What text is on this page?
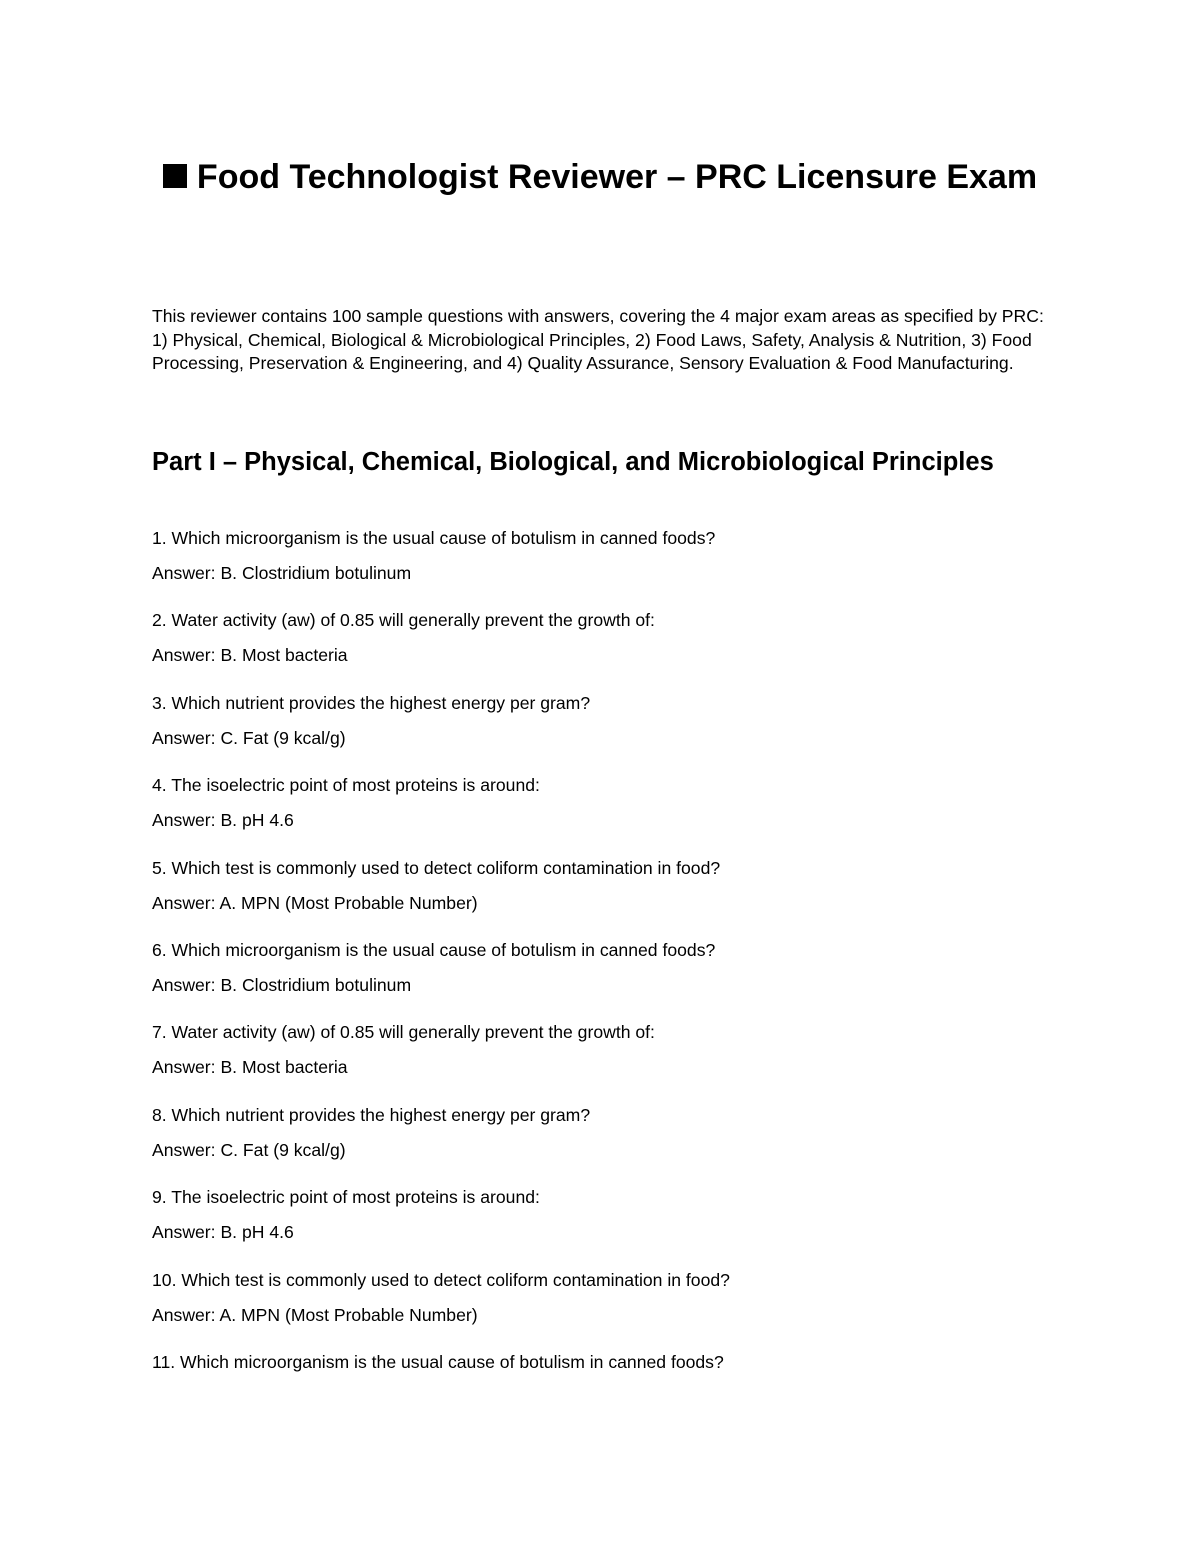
Food Technologist Reviewer – PRC Licensure Exam

This reviewer contains 100 sample questions with answers, covering the 4 major exam areas as specified by PRC: 1) Physical, Chemical, Biological & Microbiological Principles, 2) Food Laws, Safety, Analysis & Nutrition, 3) Food Processing, Preservation & Engineering, and 4) Quality Assurance, Sensory Evaluation & Food Manufacturing.

Part I – Physical, Chemical, Biological, and Microbiological Principles

1. Which microorganism is the usual cause of botulism in canned foods?

Answer: B. Clostridium botulinum

2. Water activity (aw) of 0.85 will generally prevent the growth of:

Answer: B. Most bacteria

3. Which nutrient provides the highest energy per gram?

Answer: C. Fat (9 kcal/g)

4. The isoelectric point of most proteins is around:

Answer: B. pH 4.6

5. Which test is commonly used to detect coliform contamination in food?

Answer: A. MPN (Most Probable Number)

6. Which microorganism is the usual cause of botulism in canned foods?

Answer: B. Clostridium botulinum

7. Water activity (aw) of 0.85 will generally prevent the growth of:

Answer: B. Most bacteria

8. Which nutrient provides the highest energy per gram?

Answer: C. Fat (9 kcal/g)

9. The isoelectric point of most proteins is around:

Answer: B. pH 4.6

10. Which test is commonly used to detect coliform contamination in food?

Answer: A. MPN (Most Probable Number)

11. Which microorganism is the usual cause of botulism in canned foods?
